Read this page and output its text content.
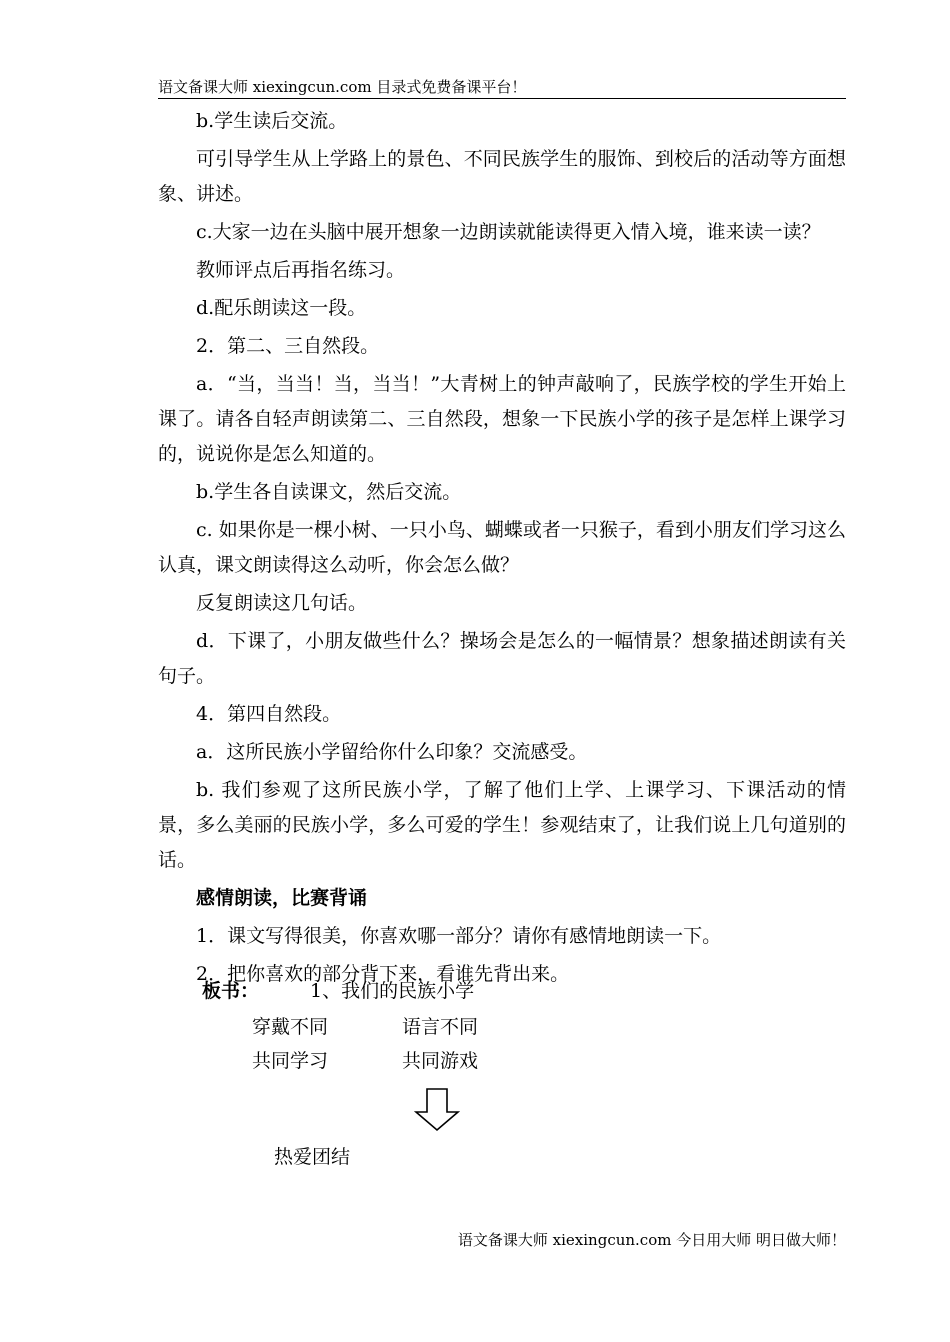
语文备课大师 xiexingcun.com 目录式免费备课平台！

b.学生读后交流。

可引导学生从上学路上的景色、不同民族学生的服饰、到校后的活动等方面想象、讲述。

c.大家一边在头脑中展开想象一边朗读就能读得更入情入境，谁来读一读？

教师评点后再指名练习。

d.配乐朗读这一段。

2．第二、三自然段。

a．“当，当当！当，当当！”大青树上的钟声敲响了，民族学校的学生开始上课了。请各自轻声朗读第二、三自然段，想象一下民族小学的孩子是怎样上课学习的，说说你是怎么知道的。

b.学生各自读课文，然后交流。

c. 如果你是一棵小树、一只小鸟、蝴蝶或者一只猴子，看到小朋友们学习这么认真，课文朗读得这么动听，你会怎么做？

反复朗读这几句话。

d．下课了，小朋友做些什么？操场会是怎么的一幅情景？想象描述朗读有关句子。

4．第四自然段。

a．这所民族小学留给你什么印象？交流感受。

b. 我们参观了这所民族小学，了解了他们上学、上课学习、下课活动的情景，多么美丽的民族小学，多么可爱的学生！参观结束了，让我们说上几句道别的话。

感情朗读，比赛背诵

1．课文写得很美，你喜欢哪一部分？请你有感情地朗读一下。

2．把你喜欢的部分背下来，看谁先背出来。

板书：	1、我们的民族小学
穿戴不同	语言不同
共同学习	共同游戏
热爱团结
语文备课大师 xiexingcun.com 今日用大师 明日做大师！
